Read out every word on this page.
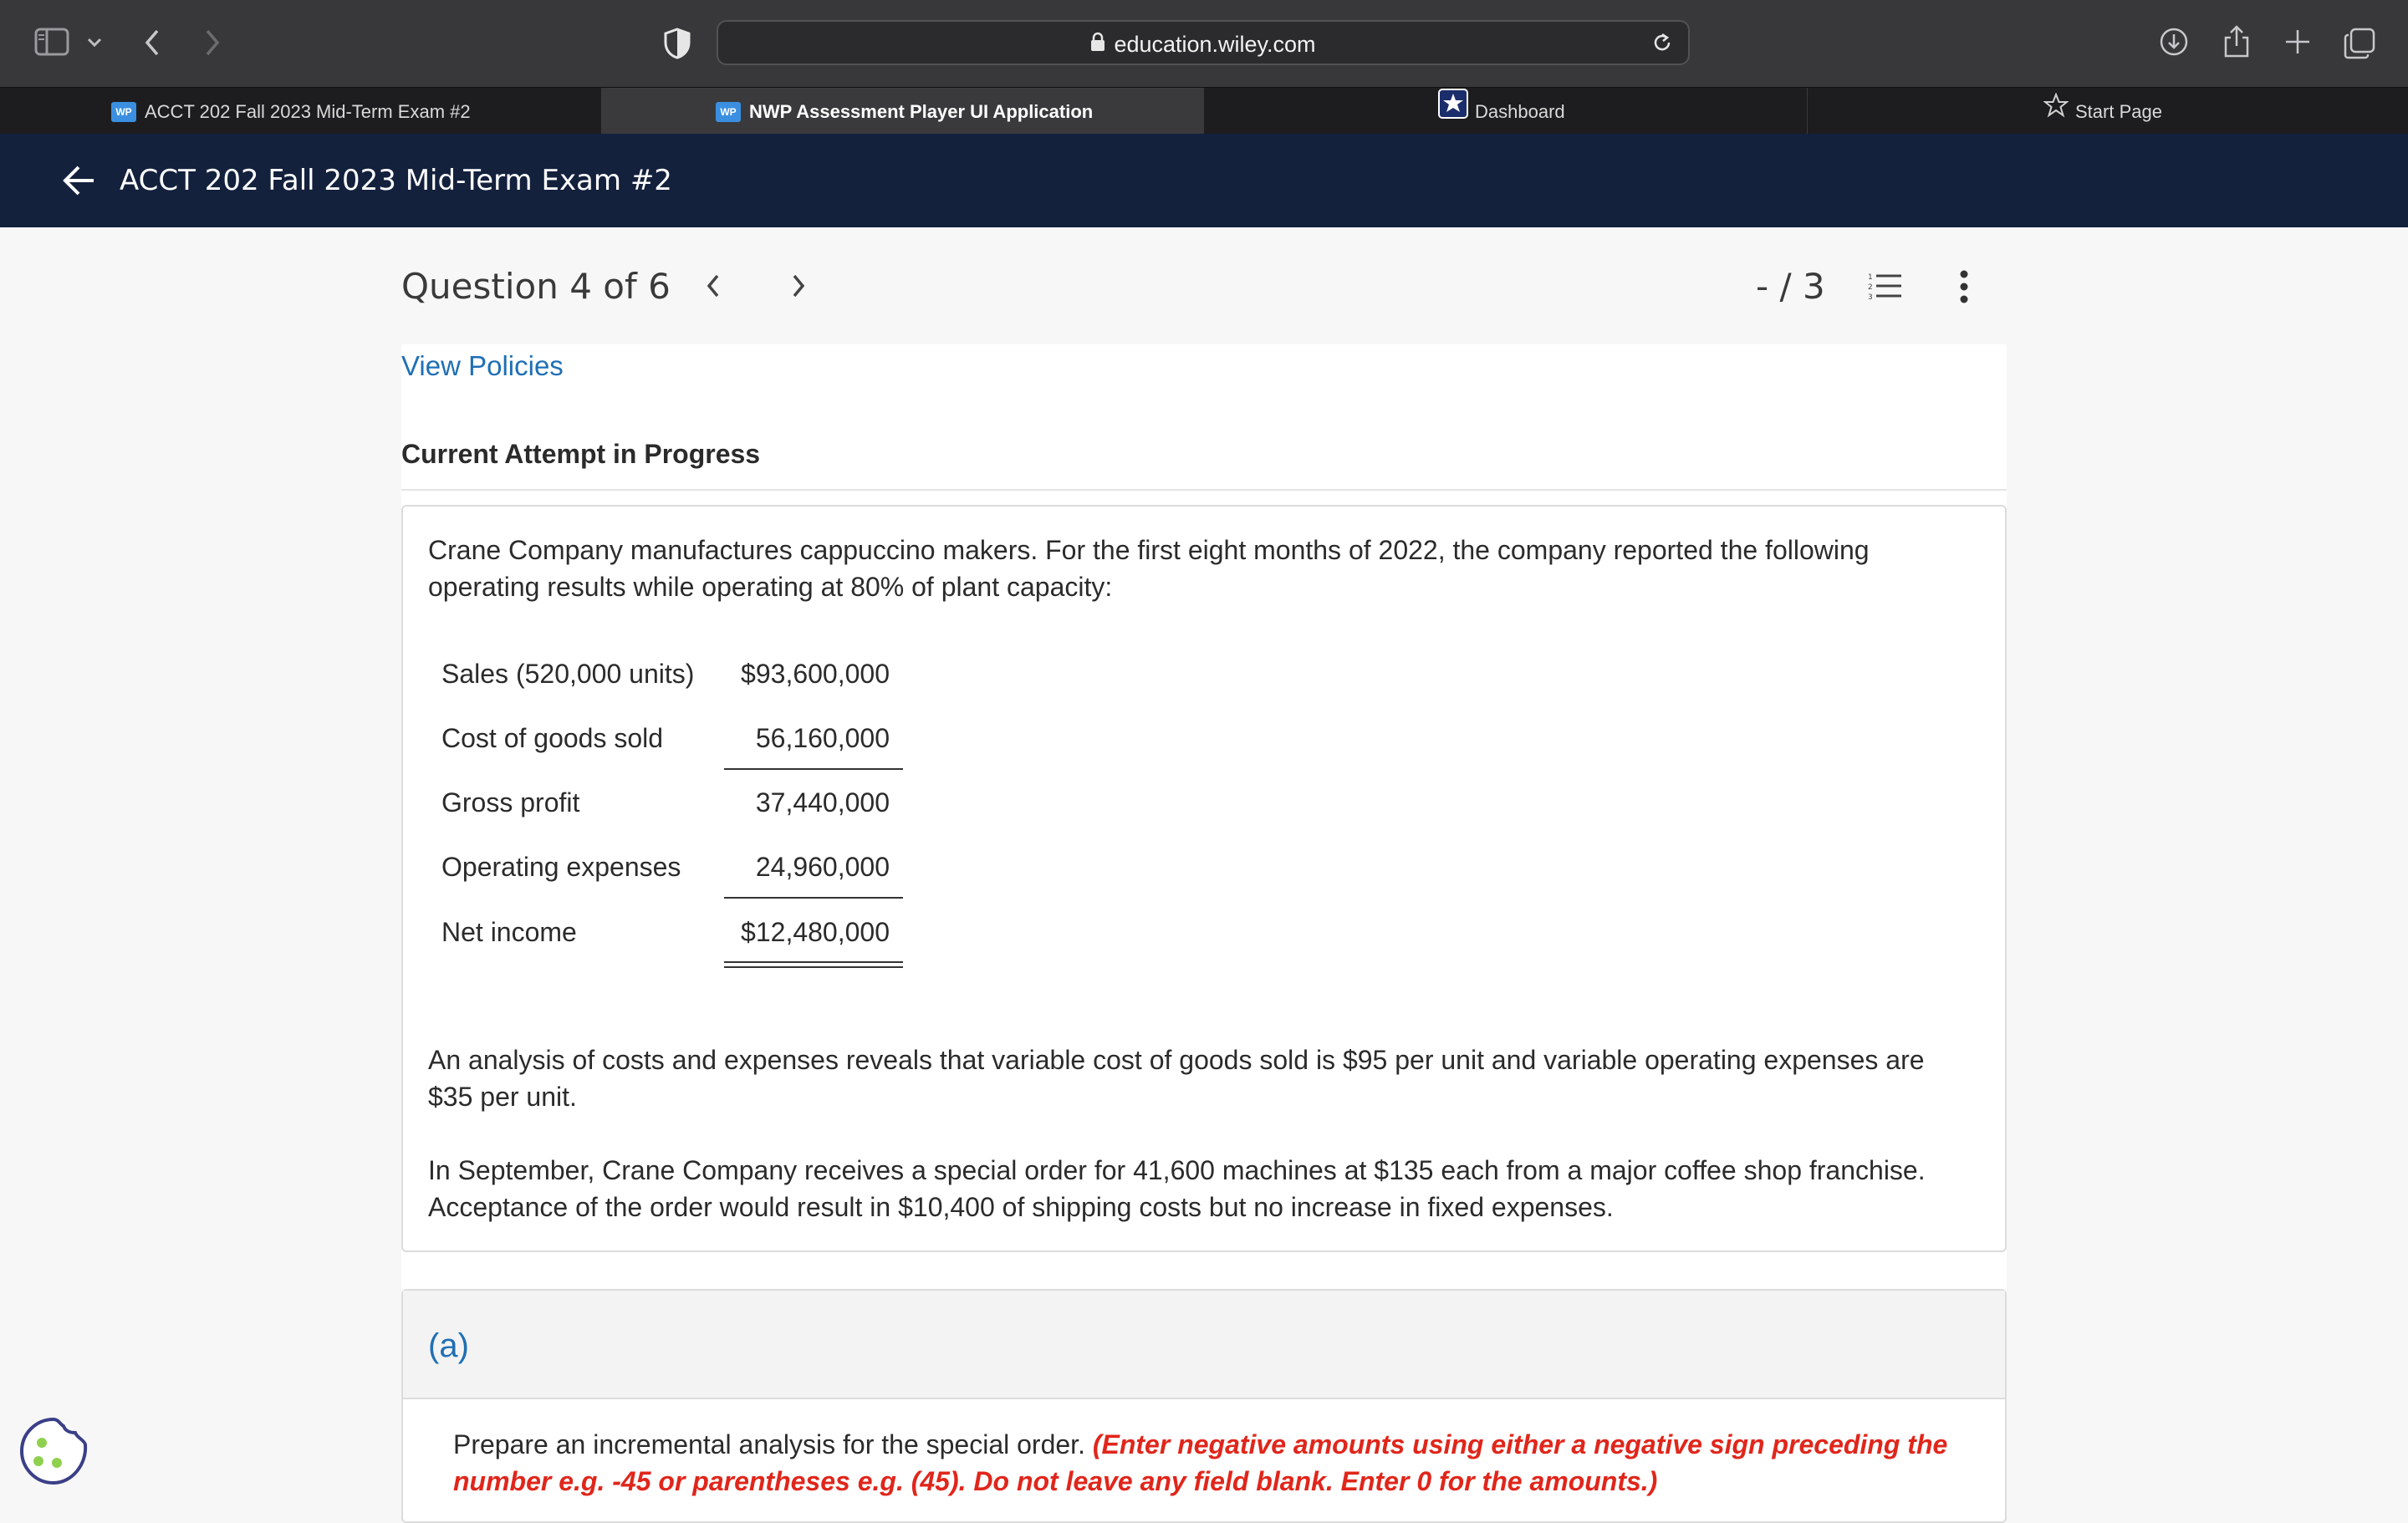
education.wiley.com
WP ACCT 202 Fall 2023 Mid-Term Exam #2	WP NWP Assessment Player UI Application	Dashboard	Start Page
ACCT 202 Fall 2023 Mid-Term Exam #2
Question 4 of 6	- / 3	1
2
3
View Policies
Current Attempt in Progress
Crane Company manufactures cappuccino makers. For the first eight months of 2022, the company reported the following operating results while operating at 80% of plant capacity:
Sales (520,000 units)	$93,600,000
Cost of goods sold	56,160,000
Gross profit	37,440,000
Operating expenses	24,960,000
Net income	$12,480,000
An analysis of costs and expenses reveals that variable cost of goods sold is $95 per unit and variable operating expenses are $35 per unit.
In September, Crane Company receives a special order for 41,600 machines at $135 each from a major coffee shop franchise. Acceptance of the order would result in $10,400 of shipping costs but no increase in fixed expenses.
(a)
Prepare an incremental analysis for the special order. (Enter negative amounts using either a negative sign preceding the number e.g. -45 or parentheses e.g. (45). Do not leave any field blank. Enter 0 for the amounts.)
